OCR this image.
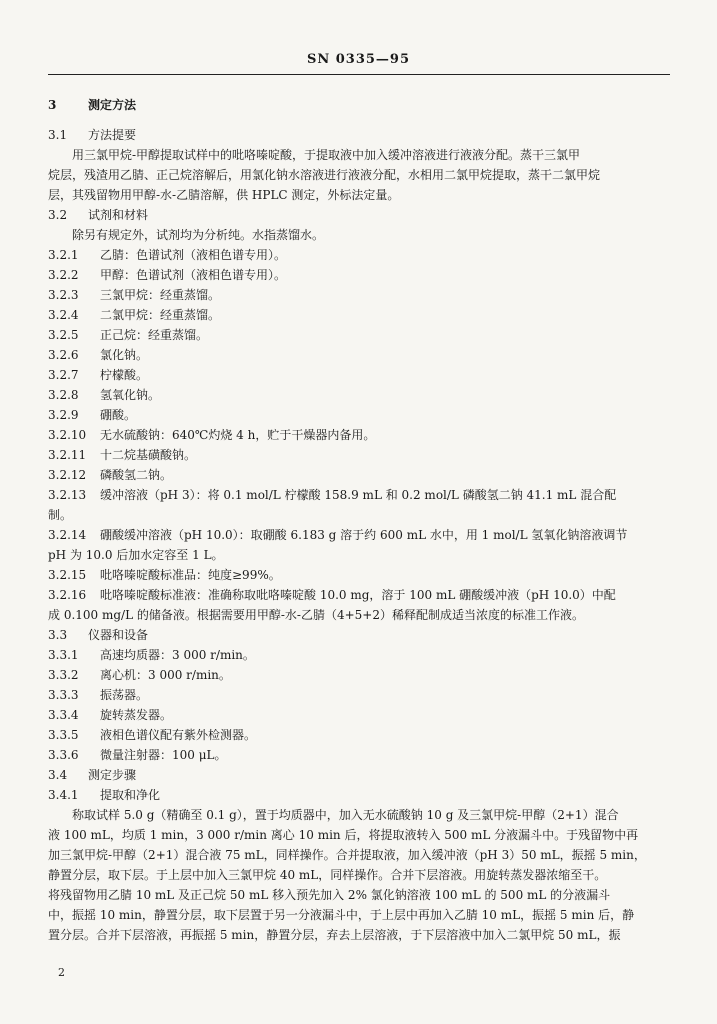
SN 0335—95
3	测定方法
3.1 方法提要
用三氯甲烷-甲醇提取试样中的吡咯嗪啶酸，于提取液中加入缓冲溶液进行液液分配。蒸干三氯甲
烷层，残渣用乙腈、正己烷溶解后，用氯化钠水溶液进行液液分配，水相用二氯甲烷提取，蒸干二氯甲烷
层，其残留物用甲醇-水-乙腈溶解，供 HPLC 测定，外标法定量。
3.2 试剂和材料
除另有规定外，试剂均为分析纯。水指蒸馏水。
3.2.1 乙腈：色谱试剂（液相色谱专用）。
3.2.2 甲醇：色谱试剂（液相色谱专用）。
3.2.3 三氯甲烷：经重蒸馏。
3.2.4 二氯甲烷：经重蒸馏。
3.2.5 正己烷：经重蒸馏。
3.2.6 氯化钠。
3.2.7 柠檬酸。
3.2.8 氢氧化钠。
3.2.9 硼酸。
3.2.10 无水硫酸钠：640℃灼烧 4 h，贮于干燥器内备用。
3.2.11 十二烷基磺酸钠。
3.2.12 磷酸氢二钠。
3.2.13 缓冲溶液（pH 3）：将 0.1 mol/L 柠檬酸 158.9 mL 和 0.2 mol/L 磷酸氢二钠 41.1 mL 混合配
制。
3.2.14 硼酸缓冲溶液（pH 10.0）：取硼酸 6.183 g 溶于约 600 mL 水中，用 1 mol/L 氢氧化钠溶液调节
pH 为 10.0 后加水定容至 1 L。
3.2.15 吡咯嗪啶酸标准品：纯度≥99%。
3.2.16 吡咯嗪啶酸标准液：准确称取吡咯嗪啶酸 10.0 mg，溶于 100 mL 硼酸缓冲液（pH 10.0）中配
成 0.100 mg/L 的储备液。根据需要用甲醇-水-乙腈（4+5+2）稀释配制成适当浓度的标准工作液。
3.3 仪器和设备
3.3.1 高速均质器：3 000 r/min。
3.3.2 离心机：3 000 r/min。
3.3.3 振荡器。
3.3.4 旋转蒸发器。
3.3.5 液相色谱仪配有紫外检测器。
3.3.6 微量注射器：100 μL。
3.4 测定步骤
3.4.1 提取和净化
称取试样 5.0 g（精确至 0.1 g），置于均质器中，加入无水硫酸钠 10 g 及三氯甲烷-甲醇（2+1）混合
液 100 mL，均质 1 min，3 000 r/min 离心 10 min 后，将提取液转入 500 mL 分液漏斗中。于残留物中再
加三氯甲烷-甲醇（2+1）混合液 75 mL，同样操作。合并提取液，加入缓冲液（pH 3）50 mL，振摇 5 min，
静置分层，取下层。于上层中加入三氯甲烷 40 mL，同样操作。合并下层溶液。用旋转蒸发器浓缩至干。
将残留物用乙腈 10 mL 及正己烷 50 mL 移入预先加入 2% 氯化钠溶液 100 mL 的 500 mL 的分液漏斗
中，振摇 10 min，静置分层，取下层置于另一分液漏斗中，于上层中再加入乙腈 10 mL，振摇 5 min 后，静
置分层。合并下层溶液，再振摇 5 min，静置分层，弃去上层溶液，于下层溶液中加入二氯甲烷 50 mL，振
2
